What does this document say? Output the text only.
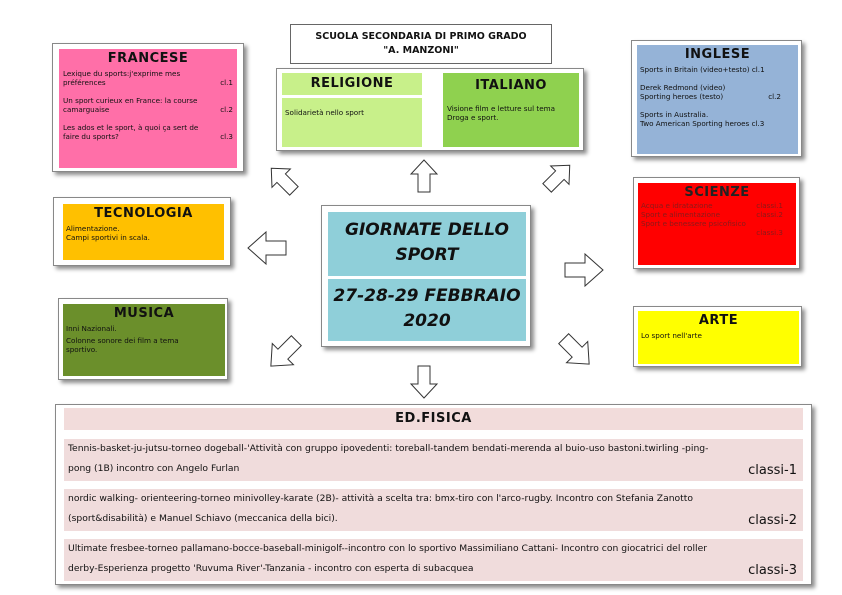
SCUOLA SECONDARIA DI PRIMO GRADO
"A. MANZONI"
RELIGIONE
Solidarietà nello sport
ITALIANO
Visione film e letture sul tema
Droga e sport.
FRANCESE
Lexique du sports:j'exprime mes
préférences	cl.1
Un sport curieux en France: la course
camarguaise	cl.2
Les ados et le sport, à quoi ça sert de
faire du sports?	cl.3
INGLESE
Sports in Britain (video+testo) cl.1
Derek Redmond (video)
Sporting heroes (testo)	cl.2
Sports in Australia.
Two American Sporting heroes cl.3
TECNOLOGIA
Alimentazione.
Campi sportivi in scala.
SCIENZE
Acqua e idratazione	classi.1
Sport e alimentazione	classi.2
Sport e benessere psicofisico
classi.3
GIORNATE DELLO
SPORT
27-28-29 FEBBRAIO
2020
MUSICA
Inni Nazionali.
Colonne sonore dei film a tema
sportivo.
ARTE
Lo sport nell'arte
ED.FISICA
Tennis-basket-ju-jutsu-torneo dogeball-'Attività con gruppo ipovedenti: toreball-tandem bendati-merenda al buio-uso bastoni.twirling -ping-
pong (1B) incontro con Angelo Furlan	classi-1
nordic walking- orienteering-torneo minivolley-karate (2B)- attività a scelta tra: bmx-tiro con l'arco-rugby. Incontro con Stefania Zanotto
(sport&disabilità) e Manuel Schiavo (meccanica della bici).	classi-2
Ultimate fresbee-torneo pallamano-bocce-baseball-minigolf--incontro con lo sportivo Massimiliano Cattani- Incontro con giocatrici del roller
derby-Esperienza progetto 'Ruvuma River'-Tanzania - incontro con esperta di subacquea	classi-3
